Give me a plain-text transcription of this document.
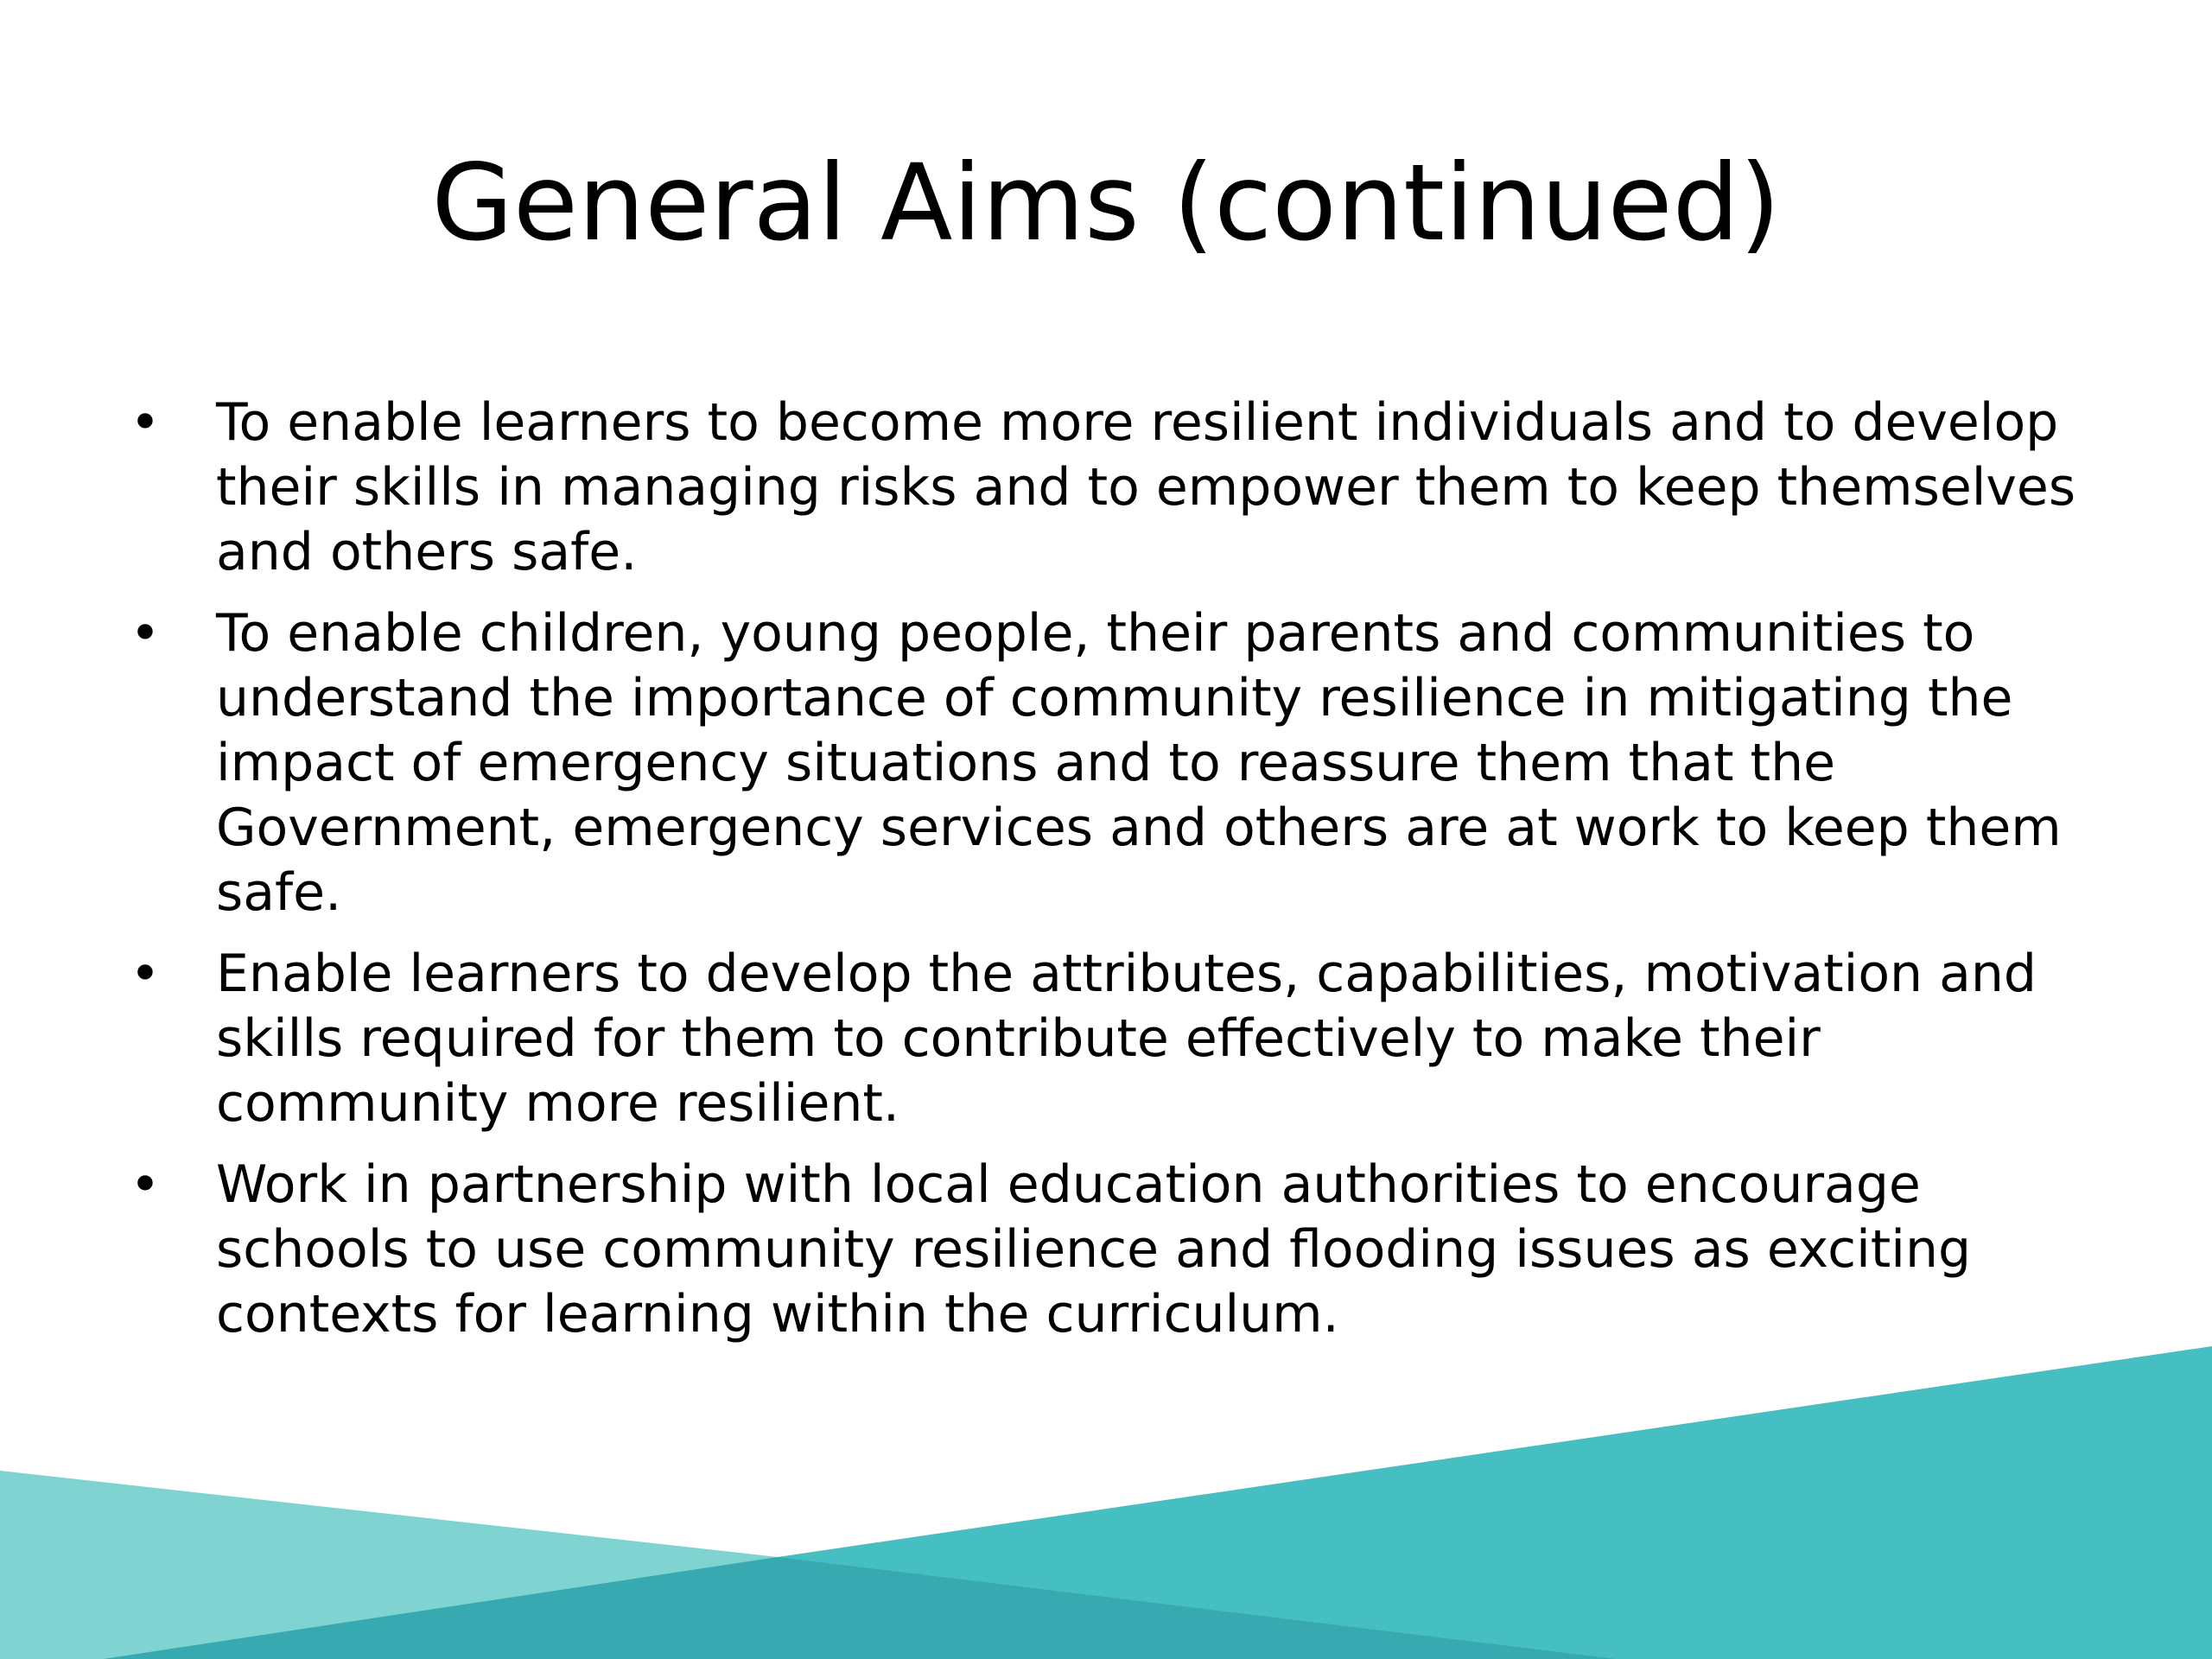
General Aims (continued)
• To enable learners to become more resilient individuals and to develop their skills in managing risks and to empower them to keep themselves and others safe.
• To enable children, young people, their parents and communities to understand the importance of community resilience in mitigating the impact of emergency situations and to reassure them that the Government, emergency services and others are at work to keep them safe.
• Enable learners to develop the attributes, capabilities, motivation and skills required for them to contribute effectively to make their community more resilient.
• Work in partnership with local education authorities to encourage schools to use community resilience and flooding issues as exciting contexts for learning within the curriculum.
